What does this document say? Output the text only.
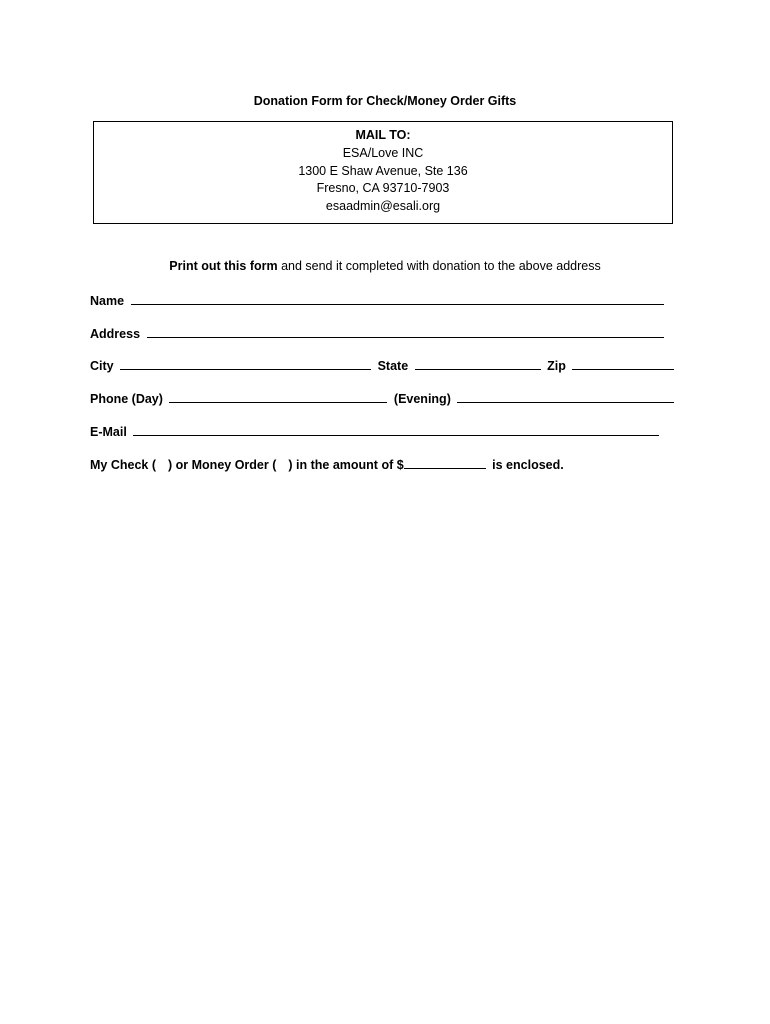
Donation Form for Check/Money Order Gifts
MAIL TO:
ESA/Love INC
1300 E Shaw Avenue, Ste 136
Fresno, CA 93710-7903
esaadmin@esali.org
Print out this form and send it completed with donation to the above address
Name
Address
City	State	Zip
Phone (Day)	(Evening)
E-Mail
My Check ( ) or Money Order ( ) in the amount of $	is enclosed.
